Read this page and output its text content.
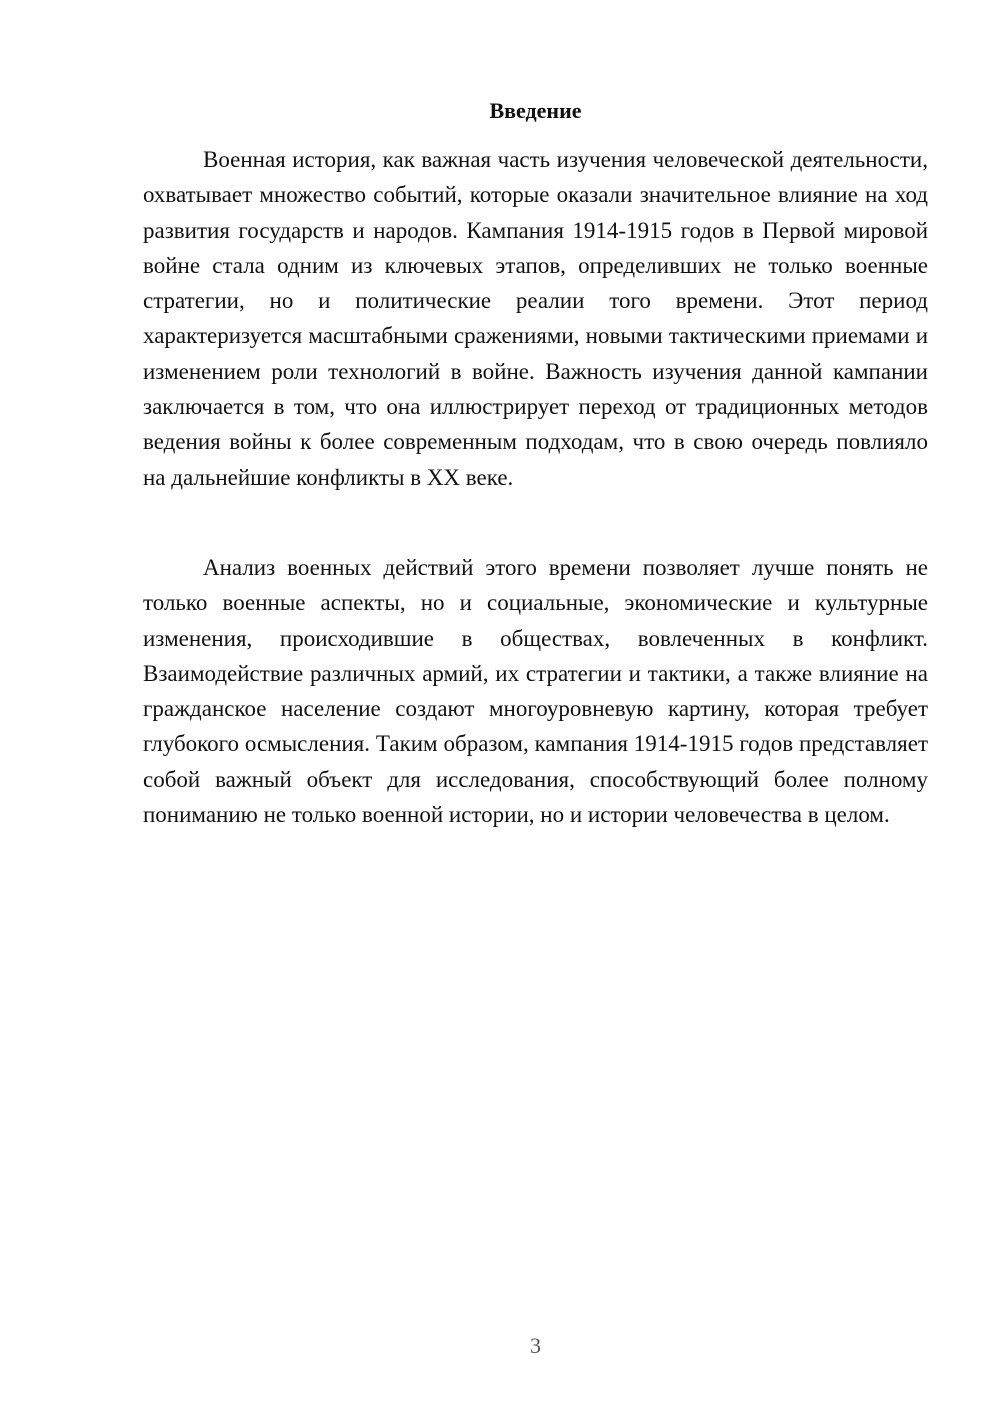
Введение

Военная история, как важная часть изучения человеческой деятельности, охватывает множество событий, которые оказали значительное влияние на ход развития государств и народов. Кампания 1914-1915 годов в Первой мировой войне стала одним из ключевых этапов, определивших не только военные стратегии, но и политические реалии того времени. Этот период характеризуется масштабными сражениями, новыми тактическими приемами и изменением роли технологий в войне. Важность изучения данной кампании заключается в том, что она иллюстрирует переход от традиционных методов ведения войны к более современным подходам, что в свою очередь повлияло на дальнейшие конфликты в XX веке.

Анализ военных действий этого времени позволяет лучше понять не только военные аспекты, но и социальные, экономические и культурные изменения, происходившие в обществах, вовлеченных в конфликт. Взаимодействие различных армий, их стратегии и тактики, а также влияние на гражданское население создают многоуровневую картину, которая требует глубокого осмысления. Таким образом, кампания 1914-1915 годов представляет собой важный объект для исследования, способствующий более полному пониманию не только военной истории, но и истории человечества в целом.

3
